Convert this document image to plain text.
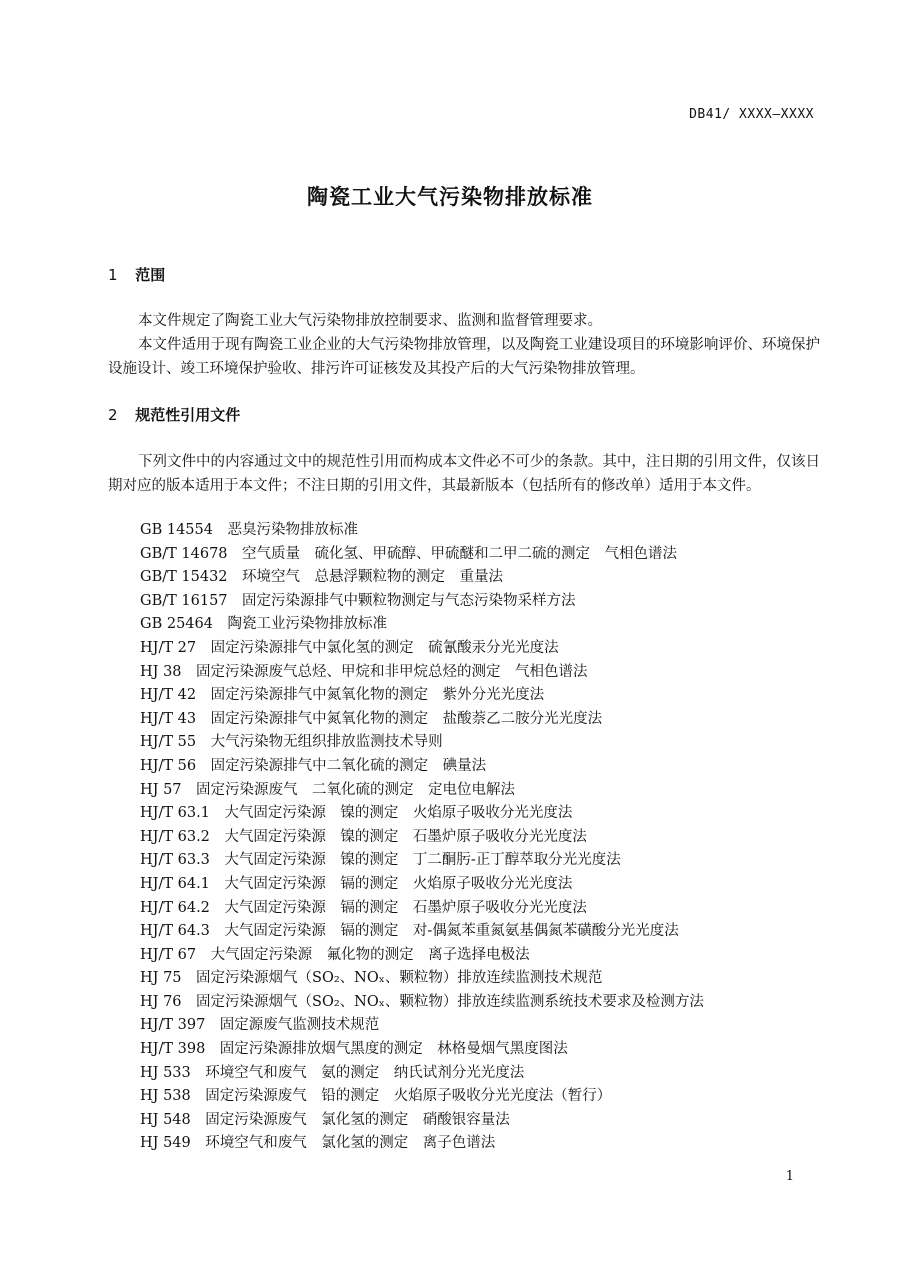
DB41/ XXXX—XXXX
陶瓷工业大气污染物排放标准
1 范围
本文件规定了陶瓷工业大气污染物排放控制要求、监测和监督管理要求。
本文件适用于现有陶瓷工业企业的大气污染物排放管理，以及陶瓷工业建设项目的环境影响评价、环境保护设施设计、竣工环境保护验收、排污许可证核发及其投产后的大气污染物排放管理。
2 规范性引用文件
下列文件中的内容通过文中的规范性引用而构成本文件必不可少的条款。其中，注日期的引用文件，仅该日期对应的版本适用于本文件；不注日期的引用文件，其最新版本（包括所有的修改单）适用于本文件。
GB 14554　恶臭污染物排放标准
GB/T 14678　空气质量　硫化氢、甲硫醇、甲硫醚和二甲二硫的测定　气相色谱法
GB/T 15432　环境空气　总悬浮颗粒物的测定　重量法
GB/T 16157　固定污染源排气中颗粒物测定与气态污染物采样方法
GB 25464　陶瓷工业污染物排放标准
HJ/T 27　固定污染源排气中氯化氢的测定　硫氰酸汞分光光度法
HJ 38　固定污染源废气总烃、甲烷和非甲烷总烃的测定　气相色谱法
HJ/T 42　固定污染源排气中氮氧化物的测定　紫外分光光度法
HJ/T 43　固定污染源排气中氮氧化物的测定　盐酸萘乙二胺分光光度法
HJ/T 55　大气污染物无组织排放监测技术导则
HJ/T 56　固定污染源排气中二氧化硫的测定　碘量法
HJ 57　固定污染源废气　二氧化硫的测定　定电位电解法
HJ/T 63.1　大气固定污染源　镍的测定　火焰原子吸收分光光度法
HJ/T 63.2　大气固定污染源　镍的测定　石墨炉原子吸收分光光度法
HJ/T 63.3　大气固定污染源　镍的测定　丁二酮肟-正丁醇萃取分光光度法
HJ/T 64.1　大气固定污染源　镉的测定　火焰原子吸收分光光度法
HJ/T 64.2　大气固定污染源　镉的测定　石墨炉原子吸收分光光度法
HJ/T 64.3　大气固定污染源　镉的测定　对-偶氮苯重氮氨基偶氮苯磺酸分光光度法
HJ/T 67　大气固定污染源　氟化物的测定　离子选择电极法
HJ 75　固定污染源烟气（SO₂、NOₓ、颗粒物）排放连续监测技术规范
HJ 76　固定污染源烟气（SO₂、NOₓ、颗粒物）排放连续监测系统技术要求及检测方法
HJ/T 397　固定源废气监测技术规范
HJ/T 398　固定污染源排放烟气黑度的测定　林格曼烟气黑度图法
HJ 533　环境空气和废气　氨的测定　纳氏试剂分光光度法
HJ 538　固定污染源废气　铅的测定　火焰原子吸收分光光度法（暂行）
HJ 548　固定污染源废气　氯化氢的测定　硝酸银容量法
HJ 549　环境空气和废气　氯化氢的测定　离子色谱法
1
